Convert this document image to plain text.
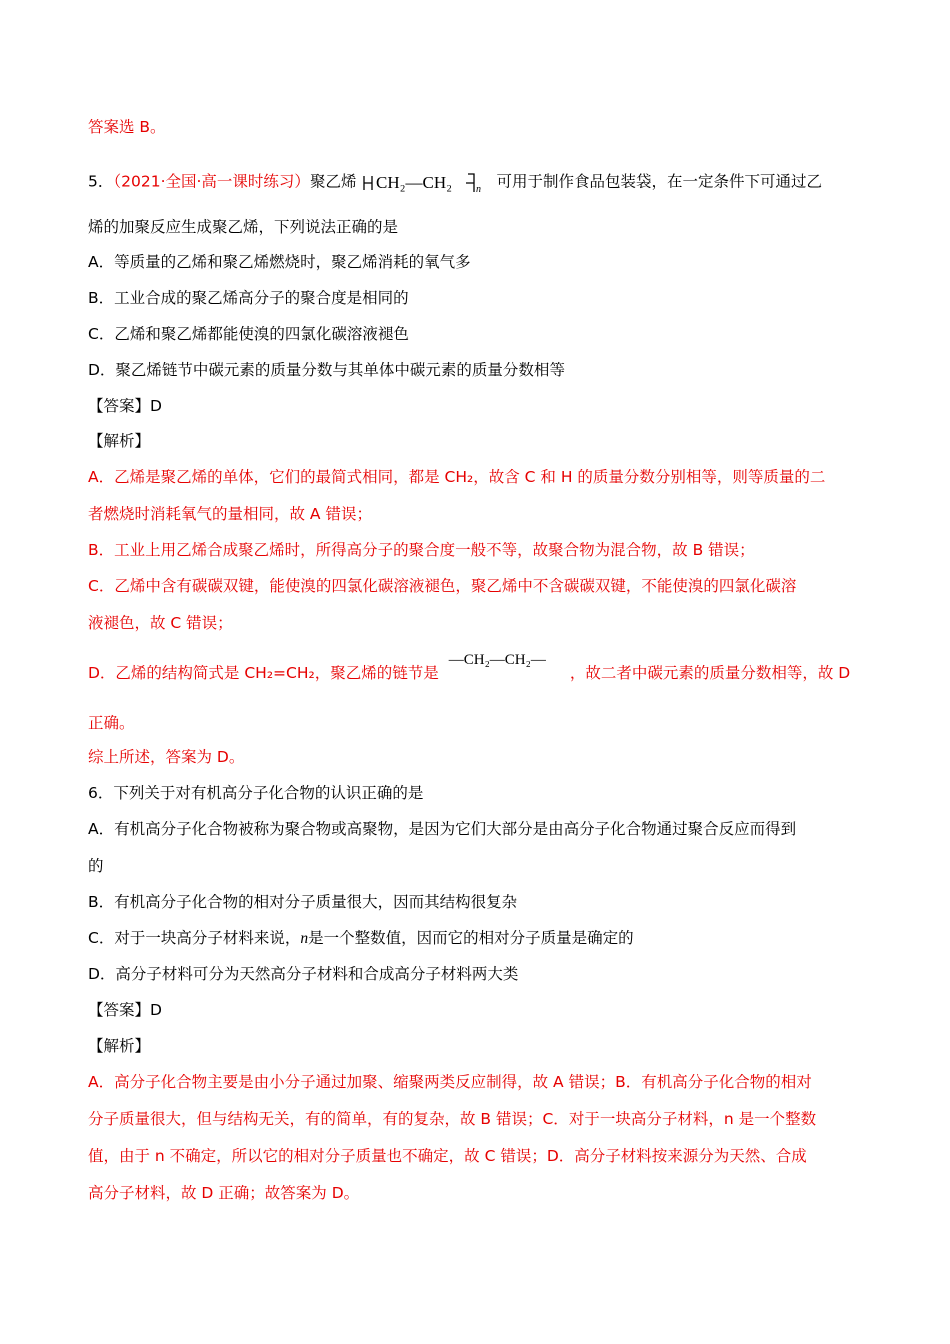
答案选 B。
5．（2021·全国·高一课时练习）聚乙烯 CH₂—CH₂ n 可用于制作食品包装袋，在一定条件下可通过乙
烯的加聚反应生成聚乙烯，下列说法正确的是
A．等质量的乙烯和聚乙烯燃烧时，聚乙烯消耗的氧气多
B．工业合成的聚乙烯高分子的聚合度是相同的
C．乙烯和聚乙烯都能使溴的四氯化碳溶液褪色
D．聚乙烯链节中碳元素的质量分数与其单体中碳元素的质量分数相等
【答案】D
【解析】
A．乙烯是聚乙烯的单体，它们的最简式相同，都是 CH₂，故含 C 和 H 的质量分数分别相等，则等质量的二
者燃烧时消耗氧气的量相同，故 A 错误；
B．工业上用乙烯合成聚乙烯时，所得高分子的聚合度一般不等，故聚合物为混合物，故 B 错误；
C．乙烯中含有碳碳双键，能使溴的四氯化碳溶液褪色，聚乙烯中不含碳碳双键，不能使溴的四氯化碳溶
液褪色，故 C 错误；
D．乙烯的结构简式是 CH₂=CH₂，聚乙烯的链节是—CH₂—CH₂—，故二者中碳元素的质量分数相等，故 D
正确。
综上所述，答案为 D。
6．下列关于对有机高分子化合物的认识正确的是
A．有机高分子化合物被称为聚合物或高聚物，是因为它们大部分是由高分子化合物通过聚合反应而得到
的
B．有机高分子化合物的相对分子质量很大，因而其结构很复杂
C．对于一块高分子材料来说，n是一个整数值，因而它的相对分子质量是确定的
D．高分子材料可分为天然高分子材料和合成高分子材料两大类
【答案】D
【解析】
A．高分子化合物主要是由小分子通过加聚、缩聚两类反应制得，故 A 错误；B．有机高分子化合物的相对
分子质量很大，但与结构无关，有的简单，有的复杂，故 B 错误；C．对于一块高分子材料，n 是一个整数
值，由于 n 不确定，所以它的相对分子质量也不确定，故 C 错误；D．高分子材料按来源分为天然、合成
高分子材料，故 D 正确；故答案为 D。
